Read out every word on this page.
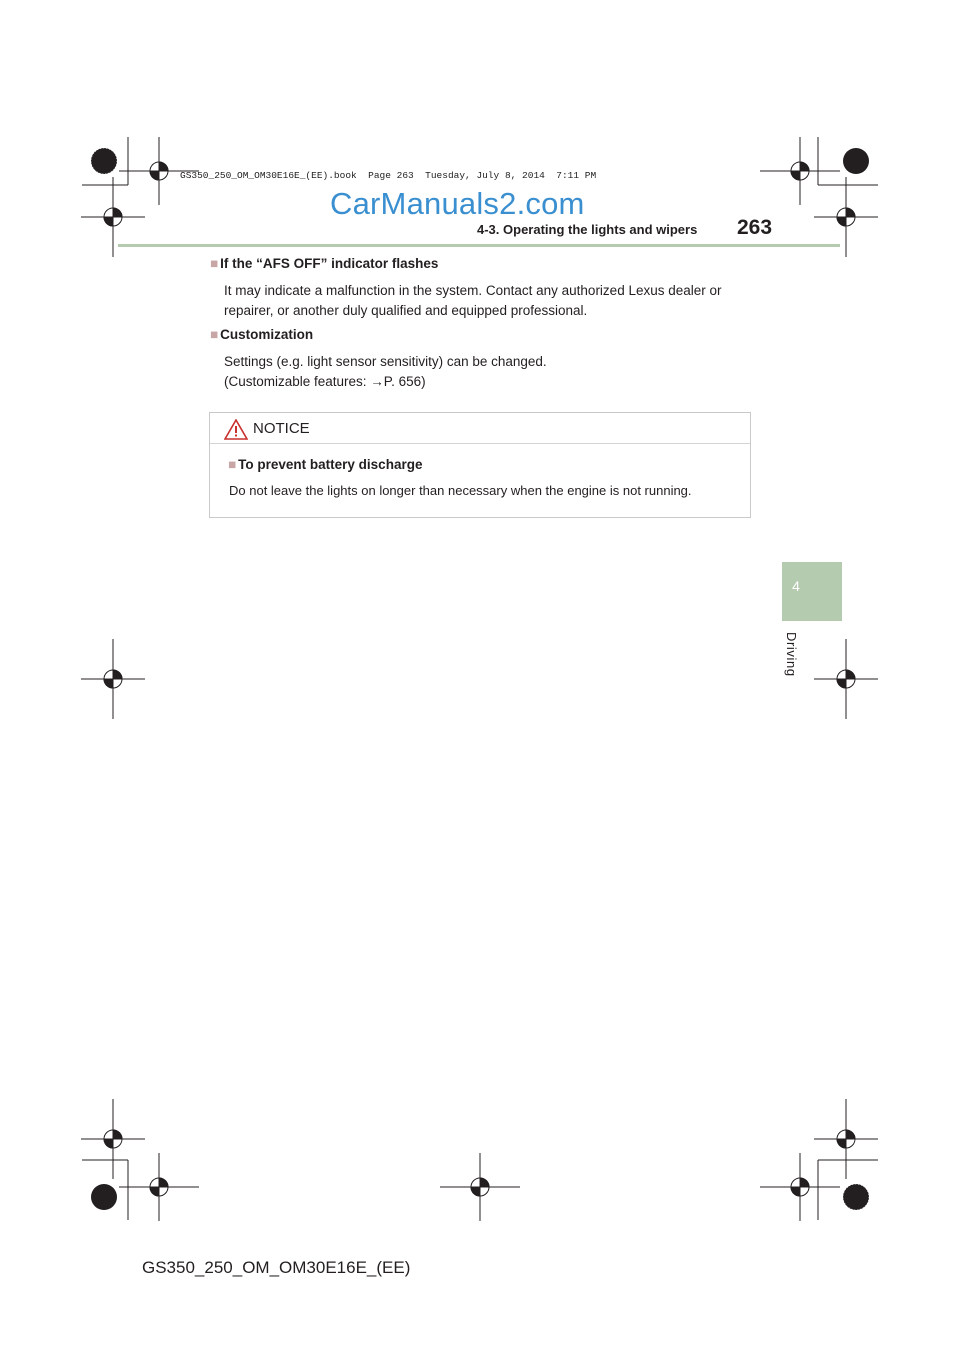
GS350_250_OM_OM30E16E_(EE).book  Page 263  Tuesday, July 8, 2014  7:11 PM
CarManuals2.com
4-3. Operating the lights and wipers 263
4
Driving
■ If the “AFS OFF” indicator flashes
It may indicate a malfunction in the system. Contact any authorized Lexus dealer or
repairer, or another duly qualified and equipped professional.
■ Customization
Settings (e.g. light sensor sensitivity) can be changed.
(Customizable features: →P. 656)
NOTICE
■ To prevent battery discharge
Do not leave the lights on longer than necessary when the engine is not running.
GS350_250_OM_OM30E16E_(EE)
